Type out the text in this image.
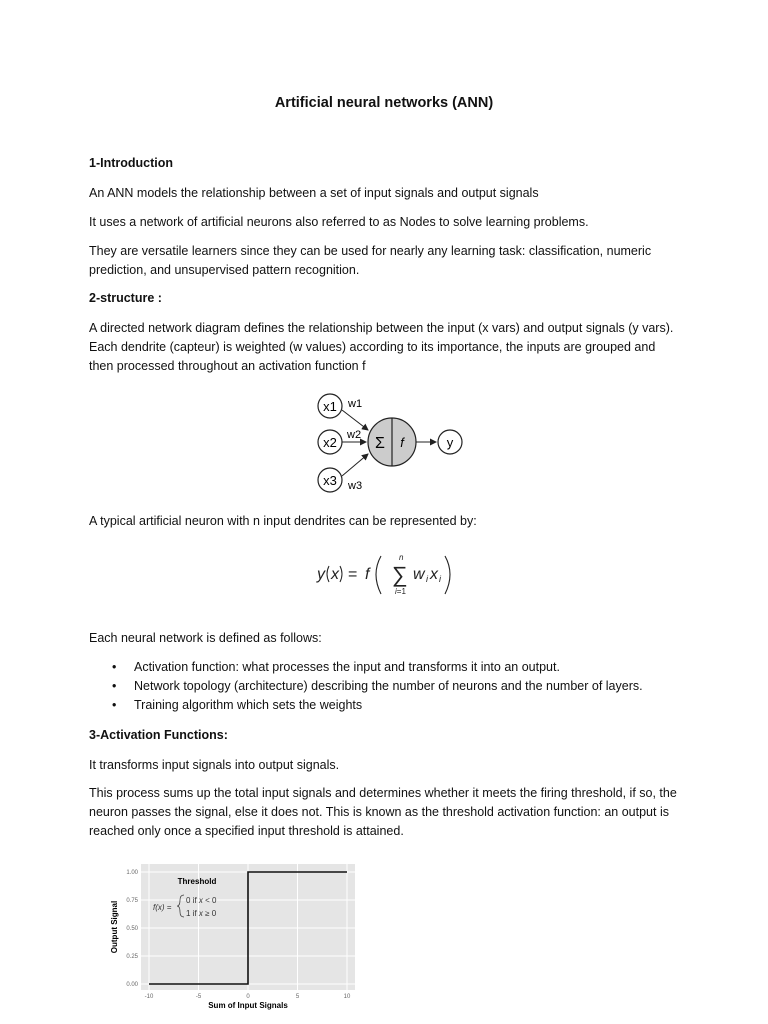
Artificial neural networks (ANN)

1-Introduction

An ANN models the relationship between a set of input signals and output signals

It uses a network of artificial neurons also referred to as Nodes to solve learning problems.

They are versatile learners since they can be used for nearly any learning task: classification, numeric prediction, and unsupervised pattern recognition.

2-structure :

A directed network diagram defines the relationship between the input (x vars) and output signals (y vars). Each dendrite (capteur) is weighted (w values) according to its importance, the inputs are grouped and then processed throughout an activation function f

x1
x2
x3
w1
w2
w3
Σ f	y

A typical artificial neuron with n input dendrites can be represented by:

y x = f
n
∑
i=1
w i x i

Each neural network is defined as follows:

• Activation function: what processes the input and transforms it into an output.
• Network topology (architecture) describing the number of neurons and the number of layers.
• Training algorithm which sets the weights

3-Activation Functions:

It transforms input signals into output signals.

This process sums up the total input signals and determines whether it meets the firing threshold, if so, the neuron passes the signal, else it does not. This is known as the threshold activation function: an output is reached only once a specified input threshold is attained.

-10	-5	0	5	10
0.00
0.25
0.50
0.75
1.00
Threshold
f(x) =
0 if x < 0
1 if x ≥ 0
Sum of Input Signals
Output Signal
